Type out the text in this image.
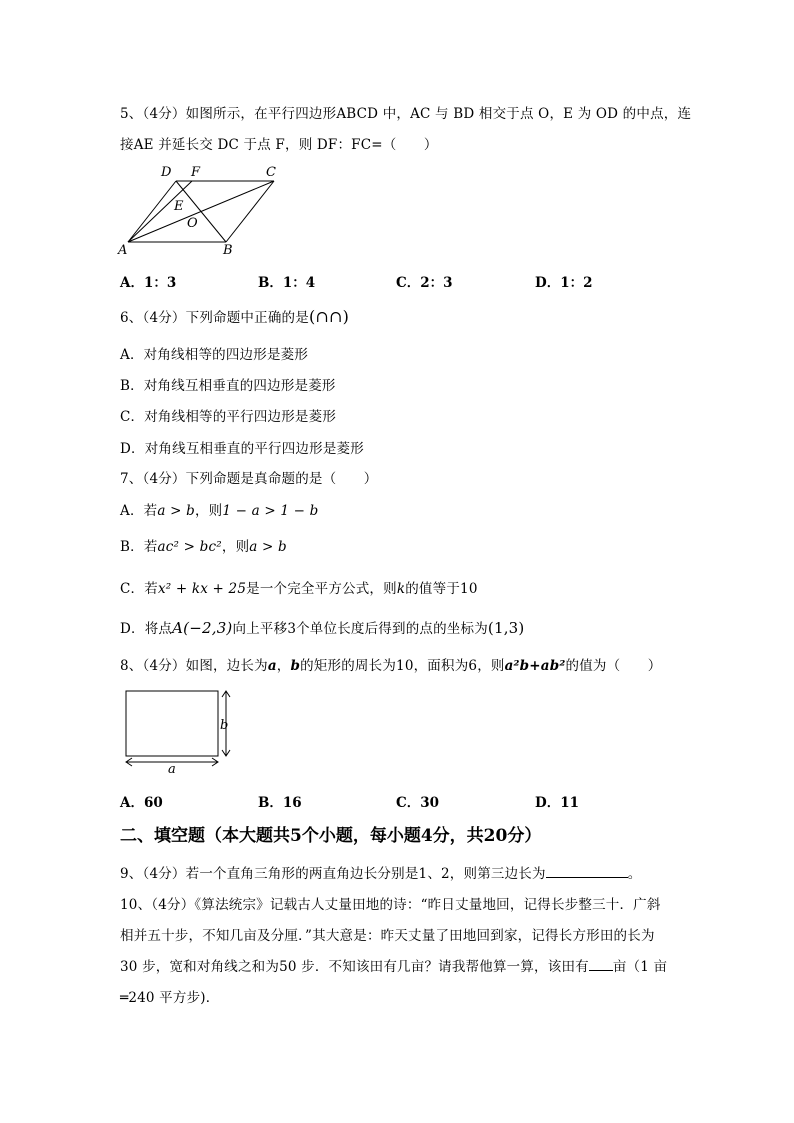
5、（4分）如图所示，在平行四边形ABCD 中，AC 与 BD 相交于点 O，E 为 OD 的中点，连
接AE 并延长交 DC 于点 F，则 DF：FC=（　　）
D F	C
E
O
A	B
A．1：3	B．1：4	C．2：3	D．1：2
6、（4分）下列命题中正确的是(∩∩)
A．对角线相等的四边形是菱形
B．对角线互相垂直的四边形是菱形
C．对角线相等的平行四边形是菱形
D．对角线互相垂直的平行四边形是菱形
7、（4分）下列命题是真命题的是（　　）
A．若a > b，则1 − a > 1 − b
B．若ac² > bc²，则a > b
C．若x² + kx + 25是一个完全平方公式，则k的值等于10
D．将点A(−2,3)向上平移3个单位长度后得到的点的坐标为(1,3)
8、（4分）如图，边长为a，b的矩形的周长为10，面积为6，则a²b+ab²的值为（　　）
b
a
A．60	B．16	C．30	D．11
二、填空题（本大题共5个小题，每小题4分，共20分）
9、（4分）若一个直角三角形的两直角边长分别是1、2，则第三边长为	。
10、（4分）《算法统宗》记载古人丈量田地的诗：“昨日丈量地回，记得长步整三十．广斜
相并五十步，不知几亩及分厘．”其大意是：昨天丈量了田地回到家，记得长方形田的长为
30 步，宽和对角线之和为50 步．不知该田有几亩？请我帮他算一算，该田有 亩（1 亩
═240 平方步)．
